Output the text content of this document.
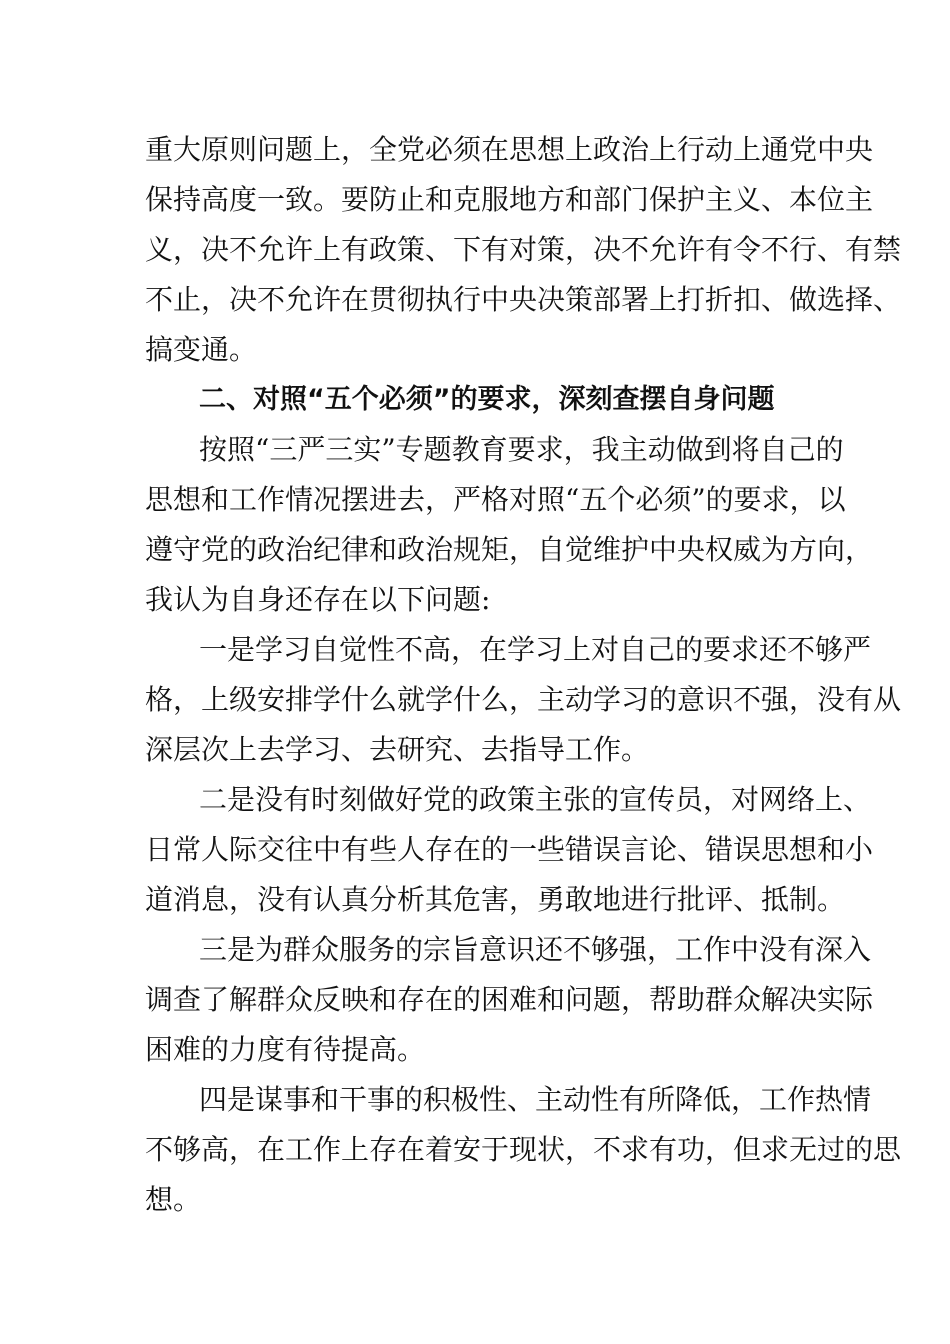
重大原则问题上，全党必须在思想上政治上行动上通党中央
保持高度一致。要防止和克服地方和部门保护主义、本位主
义，决不允许上有政策、下有对策，决不允许有令不行、有禁
不止，决不允许在贯彻执行中央决策部署上打折扣、做选择、
搞变通。
二、对照“五个必须”的要求，深刻查摆自身问题
按照“三严三实”专题教育要求，我主动做到将自己的
思想和工作情况摆进去，严格对照“五个必须”的要求，以
遵守党的政治纪律和政治规矩，自觉维护中央权威为方向，
我认为自身还存在以下问题:
一是学习自觉性不高，在学习上对自己的要求还不够严
格，上级安排学什么就学什么，主动学习的意识不强，没有从
深层次上去学习、去研究、去指导工作。
二是没有时刻做好党的政策主张的宣传员，对网络上、
日常人际交往中有些人存在的一些错误言论、错误思想和小
道消息，没有认真分析其危害，勇敢地进行批评、抵制。
三是为群众服务的宗旨意识还不够强，工作中没有深入
调查了解群众反映和存在的困难和问题，帮助群众解决实际
困难的力度有待提高。
四是谋事和干事的积极性、主动性有所降低，工作热情
不够高，在工作上存在着安于现状，不求有功，但求无过的思
想。
